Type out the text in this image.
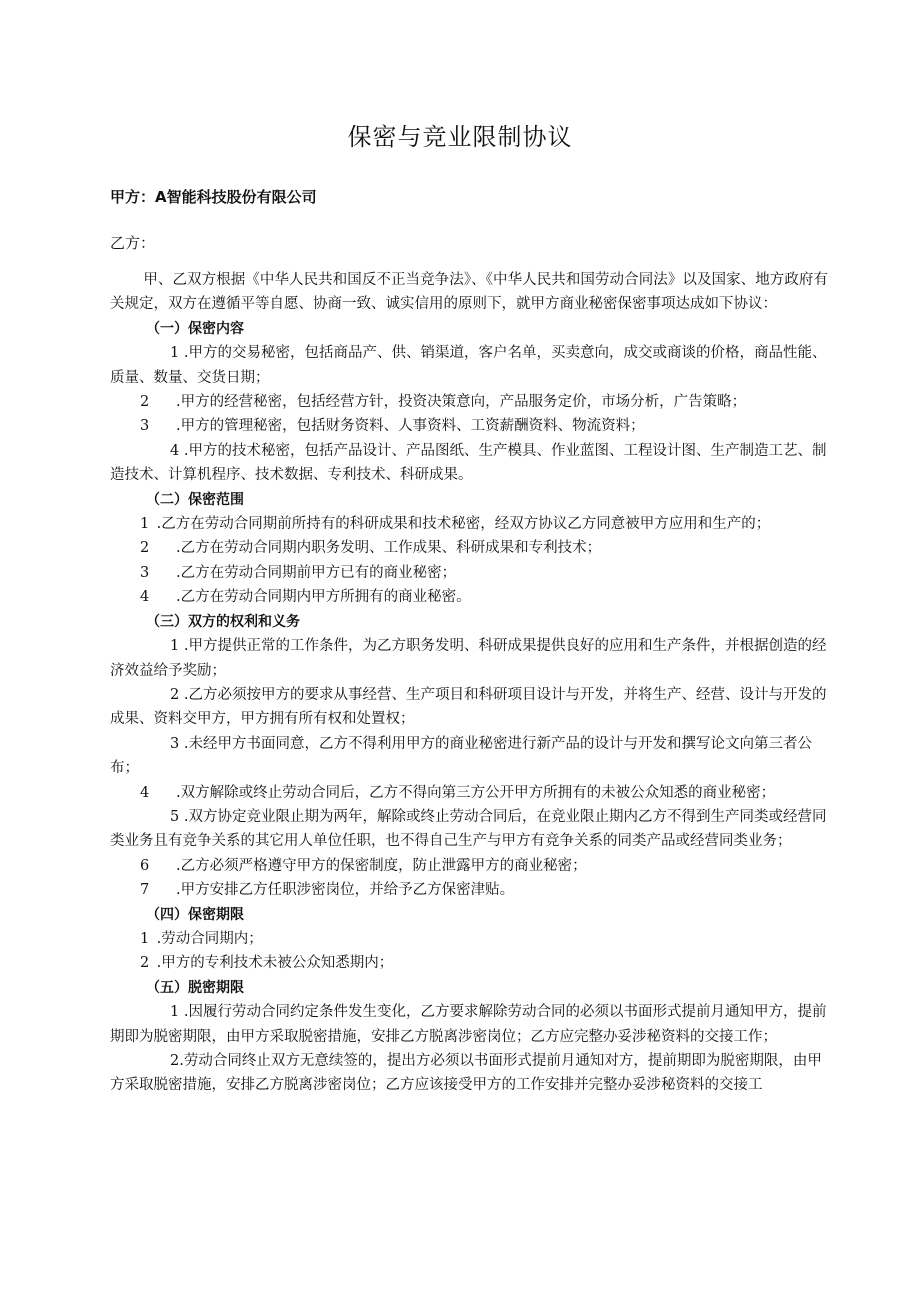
保密与竞业限制协议
甲方：A智能科技股份有限公司
乙方：

甲、乙双方根据《中华人民共和国反不正当竞争法》、《中华人民共和国劳动合同法》以及国家、地方政府有关规定，双方在遵循平等自愿、协商一致、诚实信用的原则下，就甲方商业秘密保密事项达成如下协议：

（一）保密内容

1 .甲方的交易秘密，包括商品产、供、销渠道，客户名单，买卖意向，成交或商谈的价格，商品性能、质量、数量、交货日期；

2 .甲方的经营秘密，包括经营方针，投资决策意向，产品服务定价，市场分析，广告策略；

3 .甲方的管理秘密，包括财务资料、人事资料、工资薪酬资料、物流资料；

4 .甲方的技术秘密，包括产品设计、产品图纸、生产模具、作业蓝图、工程设计图、生产制造工艺、制造技术、计算机程序、技术数据、专利技术、科研成果。

（二）保密范围

1 .乙方在劳动合同期前所持有的科研成果和技术秘密，经双方协议乙方同意被甲方应用和生产的；

2 .乙方在劳动合同期内职务发明、工作成果、科研成果和专利技术；

3 .乙方在劳动合同期前甲方已有的商业秘密；

4 .乙方在劳动合同期内甲方所拥有的商业秘密。

（三）双方的权利和义务

1 .甲方提供正常的工作条件，为乙方职务发明、科研成果提供良好的应用和生产条件，并根据创造的经济效益给予奖励；

2 .乙方必须按甲方的要求从事经营、生产项目和科研项目设计与开发，并将生产、经营、设计与开发的成果、资料交甲方，甲方拥有所有权和处置权；

3 .未经甲方书面同意，乙方不得利用甲方的商业秘密进行新产品的设计与开发和撰写论文向第三者公布；

4 .双方解除或终止劳动合同后，乙方不得向第三方公开甲方所拥有的未被公众知悉的商业秘密；

5 .双方协定竞业限止期为两年，解除或终止劳动合同后，在竞业限止期内乙方不得到生产同类或经营同类业务且有竞争关系的其它用人单位任职，也不得自己生产与甲方有竞争关系的同类产品或经营同类业务；

6 .乙方必须严格遵守甲方的保密制度，防止泄露甲方的商业秘密；

7 .甲方安排乙方任职涉密岗位，并给予乙方保密津贴。

（四）保密期限

1 .劳动合同期内；

2 .甲方的专利技术未被公众知悉期内；

（五）脱密期限

1 .因履行劳动合同约定条件发生变化，乙方要求解除劳动合同的必须以书面形式提前月通知甲方，提前期即为脱密期限，由甲方采取脱密措施，安排乙方脱离涉密岗位；乙方应完整办妥涉秘资料的交接工作；

2.劳动合同终止双方无意续签的，提出方必须以书面形式提前月通知对方，提前期即为脱密期限，由甲方采取脱密措施，安排乙方脱离涉密岗位；乙方应该接受甲方的工作安排并完整办妥涉秘资料的交接工
